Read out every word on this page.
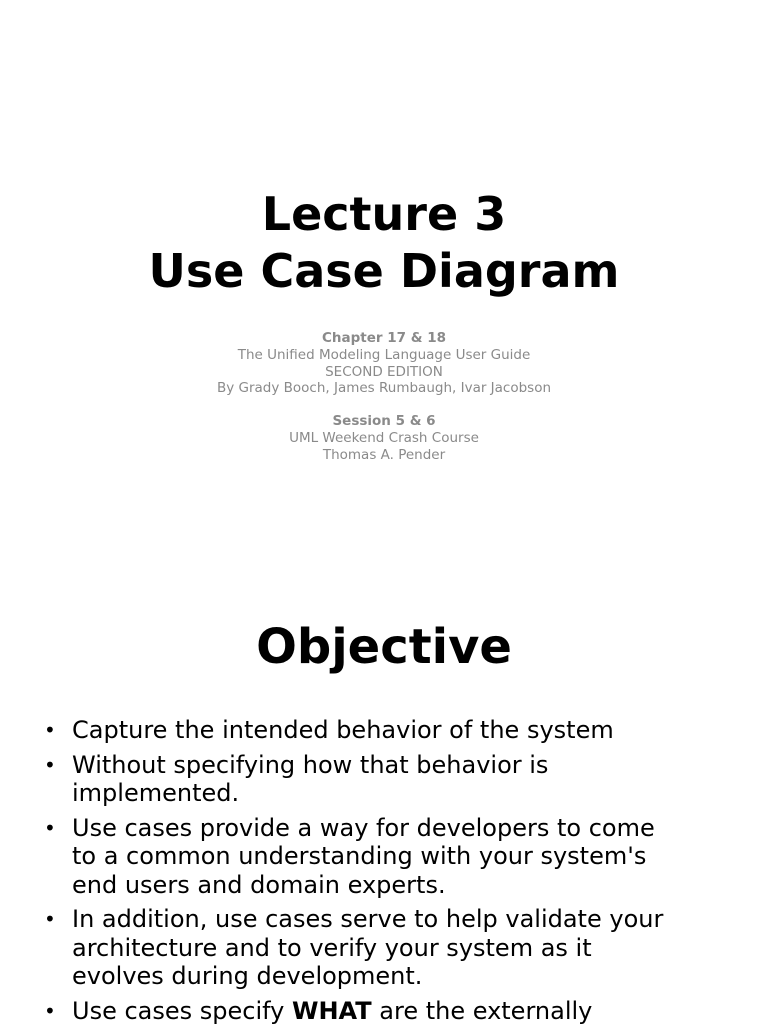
Lecture 3
Use Case Diagram
Chapter 17 & 18
The Unified Modeling Language User Guide
SECOND EDITION
By Grady Booch, James Rumbaugh, Ivar Jacobson
Session 5 & 6
UML Weekend Crash Course
Thomas A. Pender
Objective
• Capture the intended behavior of the system
• Without specifying how that behavior is
implemented.
• Use cases provide a way for developers to come
to a common understanding with your system's
end users and domain experts.
• In addition, use cases serve to help validate your
architecture and to verify your system as it
evolves during development.
• Use cases specify WHAT are the externally
